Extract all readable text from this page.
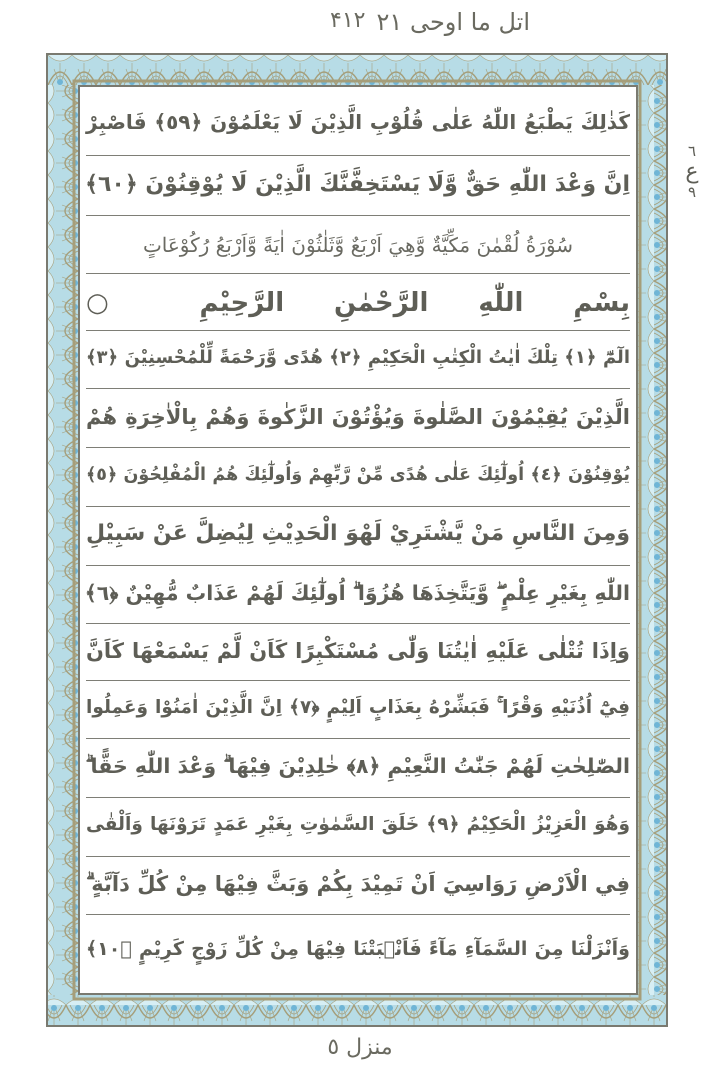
اتل ما اوحی ۲۱
۴۱۲
٦
ع
٩
كَذٰلِكَ يَطْبَعُ اللّٰهُ عَلٰى قُلُوْبِ الَّذِيْنَ لَا يَعْلَمُوْنَ ﴿٥٩﴾ فَاصْبِرْ
اِنَّ وَعْدَ اللّٰهِ حَقٌّ وَّلَا يَسْتَخِفَّنَّكَ الَّذِيْنَ لَا يُوْقِنُوْنَ ﴿٦٠﴾
سُوْرَةُ لُقْمٰنَ مَكِّيَّةٌ وَّهِيَ اَرْبَعٌ وَّثَلٰثُوْنَ اٰيَةً وَّاَرْبَعُ رُكُوْعَاتٍ
بِسْمِ اللّٰهِ الرَّحْمٰنِ الرَّحِيْمِ ○
الٓمّٓ ﴿١﴾ تِلْكَ اٰيٰتُ الْكِتٰبِ الْحَكِيْمِ ﴿٢﴾ هُدًى وَّرَحْمَةً لِّلْمُحْسِنِيْنَ ﴿٣﴾
الَّذِيْنَ يُقِيْمُوْنَ الصَّلٰوةَ وَيُؤْتُوْنَ الزَّكٰوةَ وَهُمْ بِالْاٰخِرَةِ هُمْ
يُوْقِنُوْنَ ﴿٤﴾ اُولٰٓئِكَ عَلٰى هُدًى مِّنْ رَّبِّهِمْ وَاُولٰٓئِكَ هُمُ الْمُفْلِحُوْنَ ﴿٥﴾
وَمِنَ النَّاسِ مَنْ يَّشْتَرِيْ لَهْوَ الْحَدِيْثِ لِيُضِلَّ عَنْ سَبِيْلِ
اللّٰهِ بِغَيْرِ عِلْمٍ ۖ وَّيَتَّخِذَهَا هُزُوًا ۗ اُولٰٓئِكَ لَهُمْ عَذَابٌ مُّهِيْنٌ ﴿٦﴾
وَاِذَا تُتْلٰى عَلَيْهِ اٰيٰتُنَا وَلّٰى مُسْتَكْبِرًا كَاَنْ لَّمْ يَسْمَعْهَا كَاَنَّ
فِيْٓ اُذُنَيْهِ وَقْرًا ۚ فَبَشِّرْهُ بِعَذَابٍ اَلِيْمٍ ﴿٧﴾ اِنَّ الَّذِيْنَ اٰمَنُوْا وَعَمِلُوا
الصّٰلِحٰتِ لَهُمْ جَنّٰتُ النَّعِيْمِ ﴿٨﴾ خٰلِدِيْنَ فِيْهَا ۗ وَعْدَ اللّٰهِ حَقًّا ۗ
وَهُوَ الْعَزِيْزُ الْحَكِيْمُ ﴿٩﴾ خَلَقَ السَّمٰوٰتِ بِغَيْرِ عَمَدٍ تَرَوْنَهَا وَاَلْقٰى
فِي الْاَرْضِ رَوَاسِيَ اَنْ تَمِيْدَ بِكُمْ وَبَثَّ فِيْهَا مِنْ كُلِّ دَآبَّةٍ ۗ
وَاَنْزَلْنَا مِنَ السَّمَآءِ مَآءً فَاَنْۢبَتْنَا فِيْهَا مِنْ كُلِّ زَوْجٍ كَرِيْمٍ ﴿١٠﴾
منزل ٥
